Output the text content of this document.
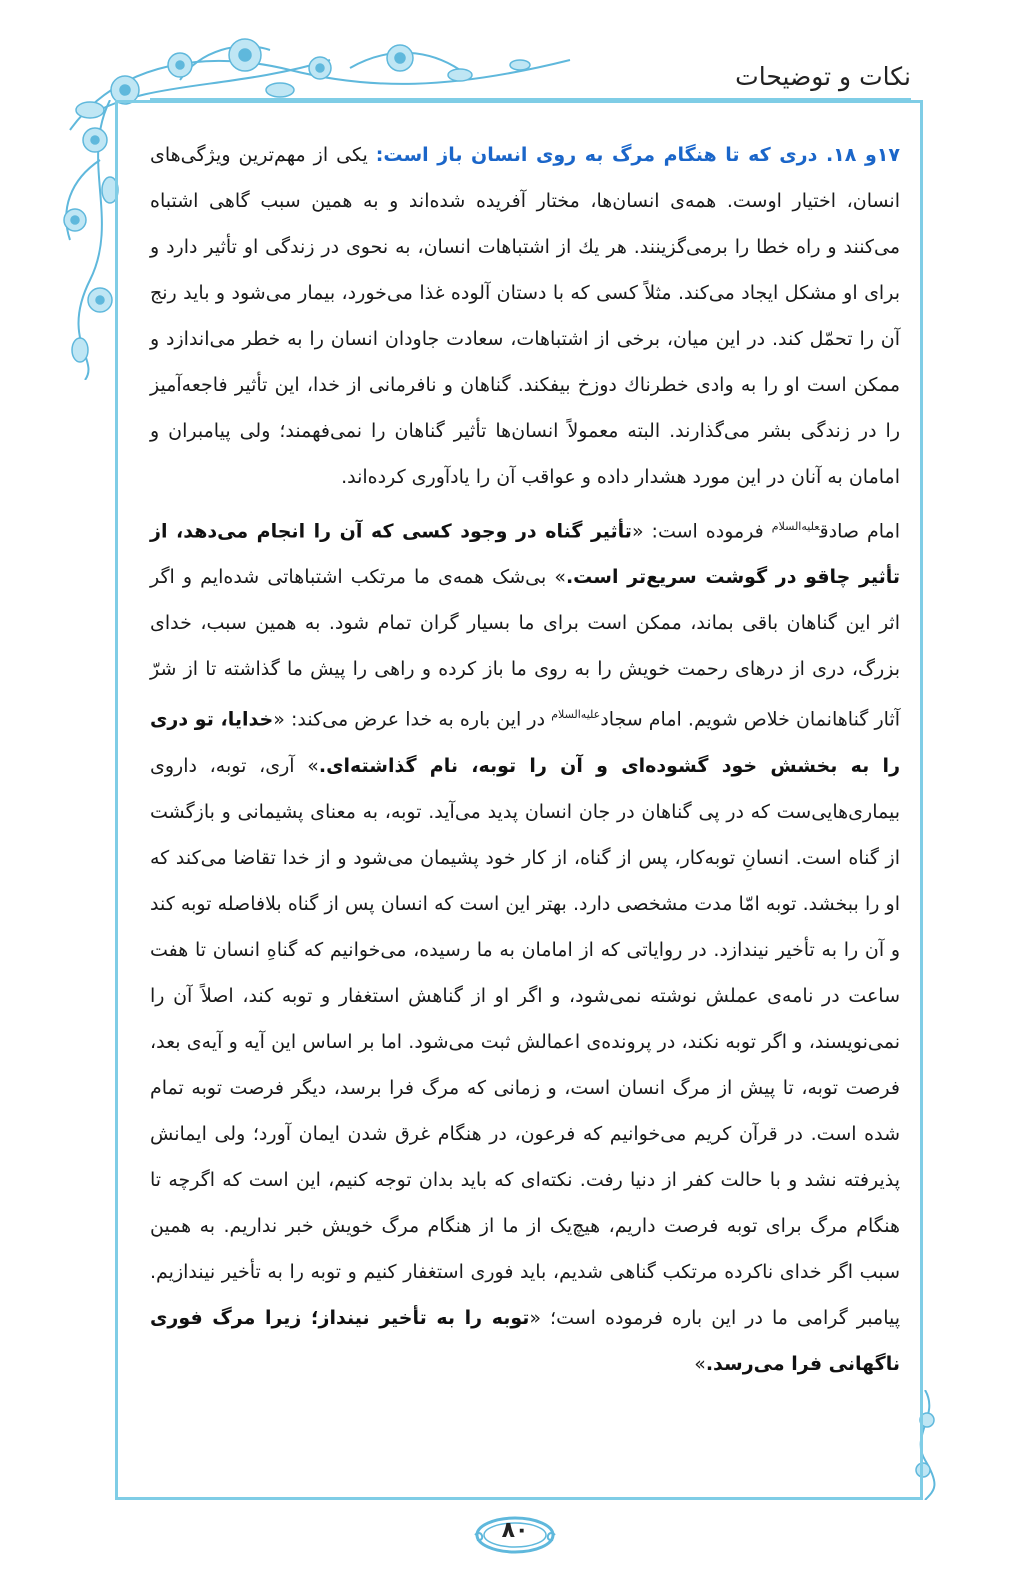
نکات و توضیحات

۱۷و ۱۸. دری که تا هنگام مرگ به روی انسان باز است: یکی از مهم‌ترین ویژگی‌های انسان، اختیار اوست. همه‌ی انسان‌ها، مختار آفریده شده‌اند و به همین سبب گاهی اشتباه می‌کنند و راه خطا را برمی‌گزینند. هر یك از اشتباهات انسان، به نحوی در زندگی او تأثیر دارد و برای او مشکل ایجاد می‌کند. مثلاً کسی که با دستان آلوده غذا می‌خورد، بیمار می‌شود و باید رنج آن را تحمّل کند. در این میان، برخی از اشتباهات، سعادت جاودان انسان را به خطر می‌اندازد و ممکن است او را به وادی خطرناك دوزخ بیفکند. گناهان و نافرمانی از خدا، این تأثیر فاجعه‌آمیز را در زندگی بشر می‌گذارند. البته معمولاً انسان‌ها تأثیر گناهان را نمی‌فهمند؛ ولی پیامبران و امامان به آنان در این مورد هشدار داده و عواقب آن را یادآوری کرده‌اند.

امام صادق$^{علیه‌السلام}$ فرموده است: «تأثیر گناه در وجود کسی که آن را انجام می‌دهد، از تأثیر چاقو در گوشت سریع‌تر است.» بی‌شک همه‌ی ما مرتکب اشتباهاتی شده‌ایم و اگر اثر این گناهان باقی بماند، ممکن است برای ما بسیار گران تمام شود. به همین سبب، خدای بزرگ، دری از درهای رحمت خویش را به روی ما باز کرده و راهی را پیش ما گذاشته تا از شرّ آثار گناهانمان خلاص شویم. امام سجاد$^{علیه‌السلام}$ در این باره به خدا عرض می‌کند: «خدایا، تو دری را به بخشش خود گشوده‌ای و آن را توبه، نام گذاشته‌ای.» آری، توبه، داروی بیماری‌هایی‌ست که در پی گناهان در جان انسان پدید می‌آید. توبه، به معنای پشیمانی و بازگشت از گناه است. انسانِ توبه‌کار، پس از گناه، از کار خود پشیمان می‌شود و از خدا تقاضا می‌کند که او را ببخشد. توبه امّا مدت مشخصی دارد. بهتر این است که انسان پس از گناه بلافاصله توبه کند و آن را به تأخیر نیندازد. در روایاتی که از امامان به ما رسیده، می‌خوانیم که گناهِ انسان تا هفت ساعت در نامه‌ی عملش نوشته نمی‌شود، و اگر او از گناهش استغفار و توبه کند، اصلاً آن را نمی‌نویسند، و اگر توبه نکند، در پرونده‌ی اعمالش ثبت می‌شود. اما بر اساس این آیه و آیه‌ی بعد، فرصت توبه، تا پیش از مرگ انسان است، و زمانی که مرگ فرا برسد، دیگر فرصت توبه تمام شده است. در قرآن کریم می‌خوانیم که فرعون، در هنگام غرق شدن ایمان آورد؛ ولی ایمانش پذیرفته نشد و با حالت کفر از دنیا رفت. نکته‌ای که باید بدان توجه کنیم، این است که اگرچه تا هنگام مرگ برای توبه فرصت داریم، هیچ‌یک از ما از هنگام مرگ خویش خبر نداریم. به همین سبب اگر خدای ناکرده مرتکب گناهی شدیم، باید فوری استغفار کنیم و توبه را به تأخیر نیندازیم. پیامبر گرامی ما در این باره فرموده است؛ «توبه را به تأخیر نینداز؛ زیرا مرگ فوری ناگهانی فرا می‌رسد.»

۸۰
